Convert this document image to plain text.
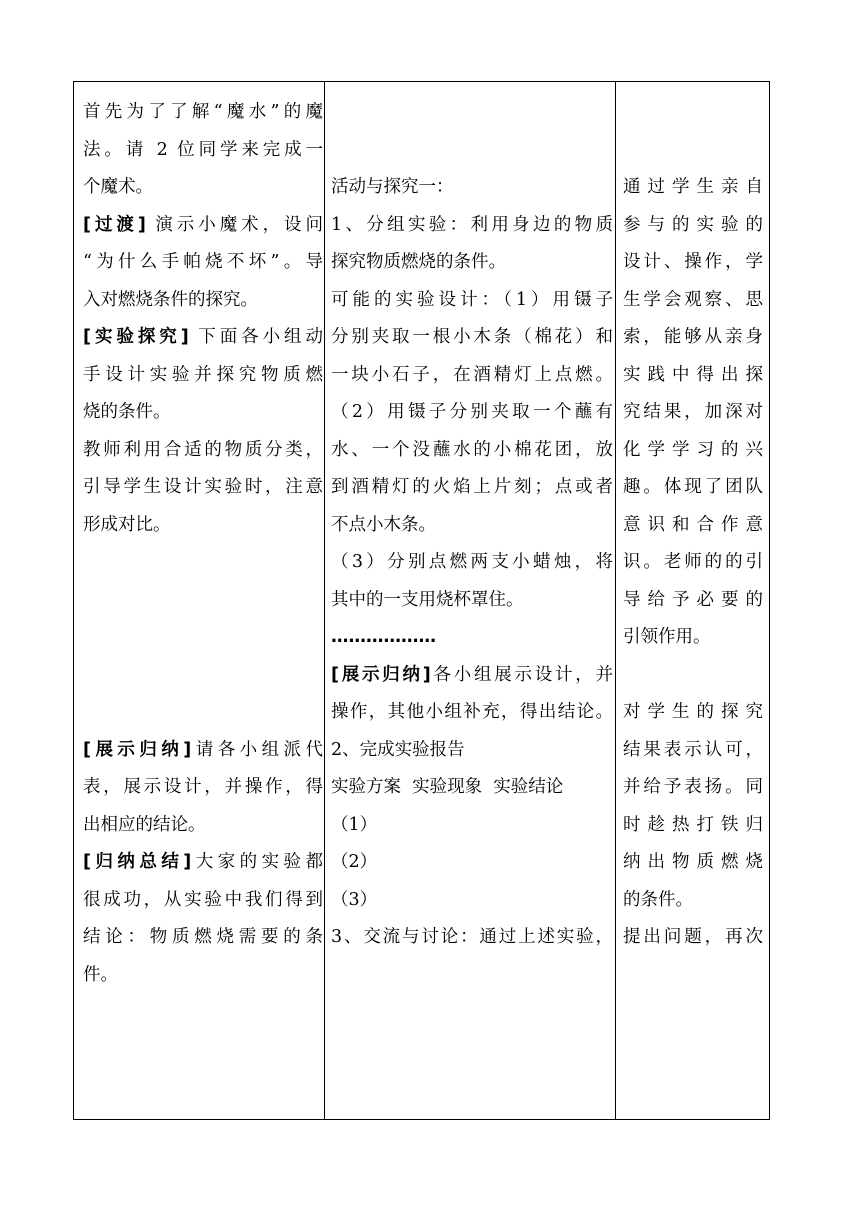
首先为了了解“魔水”的魔

法。请 2 位同学来完成一

个魔术。

[过渡] 演示小魔术，设问

“为什么手帕烧不坏”。导

入对燃烧条件的探究。

[实验探究] 下面各小组动

手设计实验并探究物质燃

烧的条件。

教师利用合适的物质分类，

引导学生设计实验时，注意

形成对比。

[展示归纳]请各小组派代

表，展示设计，并操作，得

出相应的结论。

[归纳总结]大家的实验都

很成功，从实验中我们得到

结论：物质燃烧需要的条

件。

活动与探究一：

1、分组实验：利用身边的物质

探究物质燃烧的条件。

可能的实验设计：（1）用镊子

分别夹取一根小木条（棉花）和

一块小石子，在酒精灯上点燃。

（2）用镊子分别夹取一个蘸有

水、一个没蘸水的小棉花团，放

到酒精灯的火焰上片刻；点或者

不点小木条。

（3）分别点燃两支小蜡烛，将

其中的一支用烧杯罩住。

………………

[展示归纳]各小组展示设计，并

操作，其他小组补充，得出结论。

2、完成实验报告

实验方案  实验现象  实验结论

（1）

（2）

（3）

3、交流与讨论：通过上述实验，

通过学生亲自

参与的实验的

设计、操作，学

生学会观察、思

索，能够从亲身

实践中得出探

究结果，加深对

化学学习的兴

趣。体现了团队

意识和合作意

识。老师的的引

导给予必要的

引领作用。

对学生的探究

结果表示认可，

并给予表扬。同

时趁热打铁归

纳出物质燃烧

的条件。

提出问题，再次
